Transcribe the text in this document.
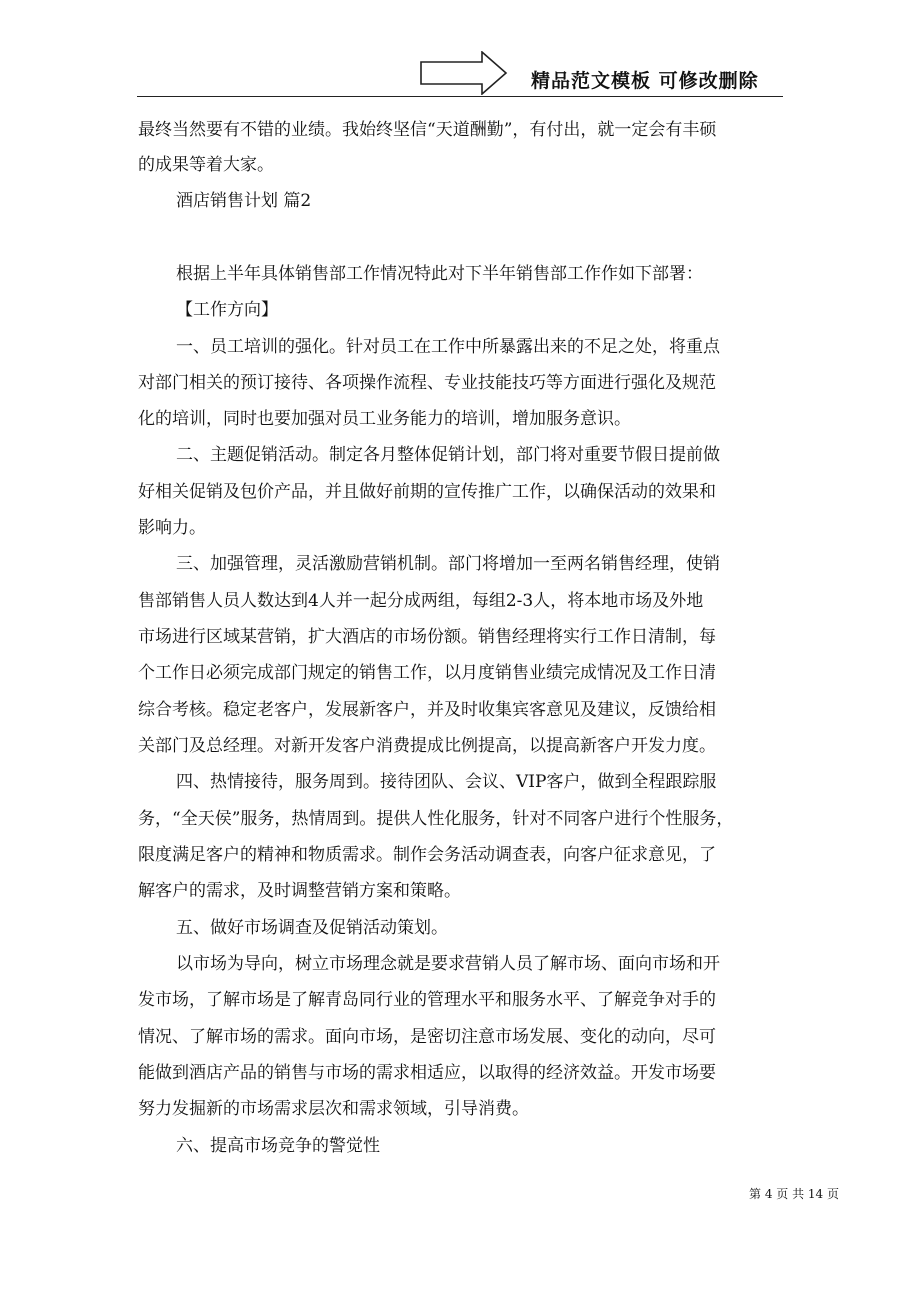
精品范文模板 可修改删除
最终当然要有不错的业绩。我始终坚信“天道酬勤”，有付出，就一定会有丰硕
的成果等着大家。
酒店销售计划 篇2
根据上半年具体销售部工作情况特此对下半年销售部工作作如下部署：
【工作方向】
一、员工培训的强化。针对员工在工作中所暴露出来的不足之处，将重点
对部门相关的预订接待、各项操作流程、专业技能技巧等方面进行强化及规范
化的培训，同时也要加强对员工业务能力的培训，增加服务意识。
二、主题促销活动。制定各月整体促销计划，部门将对重要节假日提前做
好相关促销及包价产品，并且做好前期的宣传推广工作，以确保活动的效果和
影响力。
三、加强管理，灵活激励营销机制。部门将增加一至两名销售经理，使销
售部销售人员人数达到4人并一起分成两组，每组2-3人，将本地市场及外地
市场进行区域某营销，扩大酒店的市场份额。销售经理将实行工作日清制，每
个工作日必须完成部门规定的销售工作，以月度销售业绩完成情况及工作日清
综合考核。稳定老客户，发展新客户，并及时收集宾客意见及建议，反馈给相
关部门及总经理。对新开发客户消费提成比例提高，以提高新客户开发力度。
四、热情接待，服务周到。接待团队、会议、VIP客户，做到全程跟踪服
务，“全天侯”服务，热情周到。提供人性化服务，针对不同客户进行个性服务，
限度满足客户的精神和物质需求。制作会务活动调查表，向客户征求意见，了
解客户的需求，及时调整营销方案和策略。
五、做好市场调查及促销活动策划。
以市场为导向，树立市场理念就是要求营销人员了解市场、面向市场和开
发市场，了解市场是了解青岛同行业的管理水平和服务水平、了解竞争对手的
情况、了解市场的需求。面向市场，是密切注意市场发展、变化的动向，尽可
能做到酒店产品的销售与市场的需求相适应，以取得的经济效益。开发市场要
努力发掘新的市场需求层次和需求领域，引导消费。
六、提高市场竞争的警觉性
第 4 页 共 14 页
